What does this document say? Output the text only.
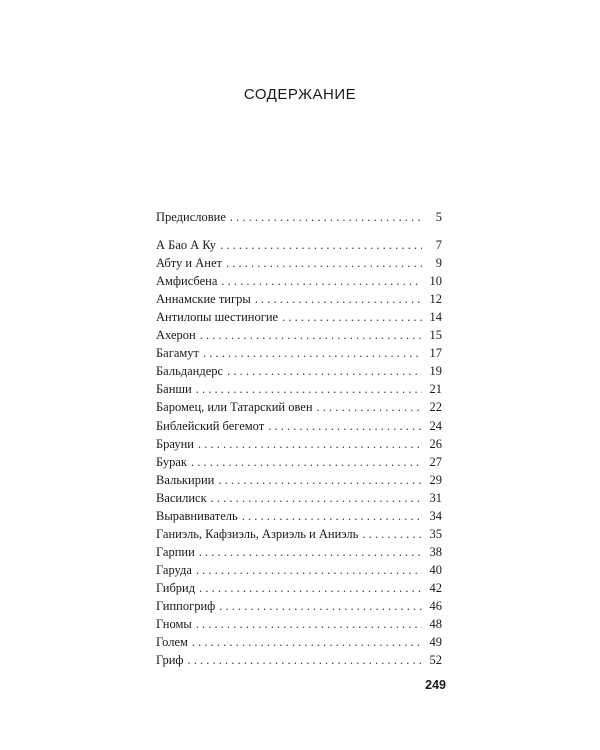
СОДЕРЖАНИЕ
Предисловие . . .	5
А Бао А Ку . . .	7
Абту и Анет . . .	9
Амфисбена . . .	10
Аннамские тигры . . .	12
Антилопы шестиногие . . .	14
Ахерон . . .	15
Багамут . . .	17
Бальдандерс . . .	19
Банши . . .	21
Баромец, или Татарский овен . . .	22
Библейский бегемот . . .	24
Брауни . . .	26
Бурак . . .	27
Валькирии . . .	29
Василиск . . .	31
Выравниватель . . .	34
Ганиэль, Кафзиэль, Азриэль и Аниэль . . .	35
Гарпии . . .	38
Гаруда . . .	40
Гибрид . . .	42
Гиппогриф . . .	46
Гномы . . .	48
Голем . . .	49
Гриф . . .	52
249
